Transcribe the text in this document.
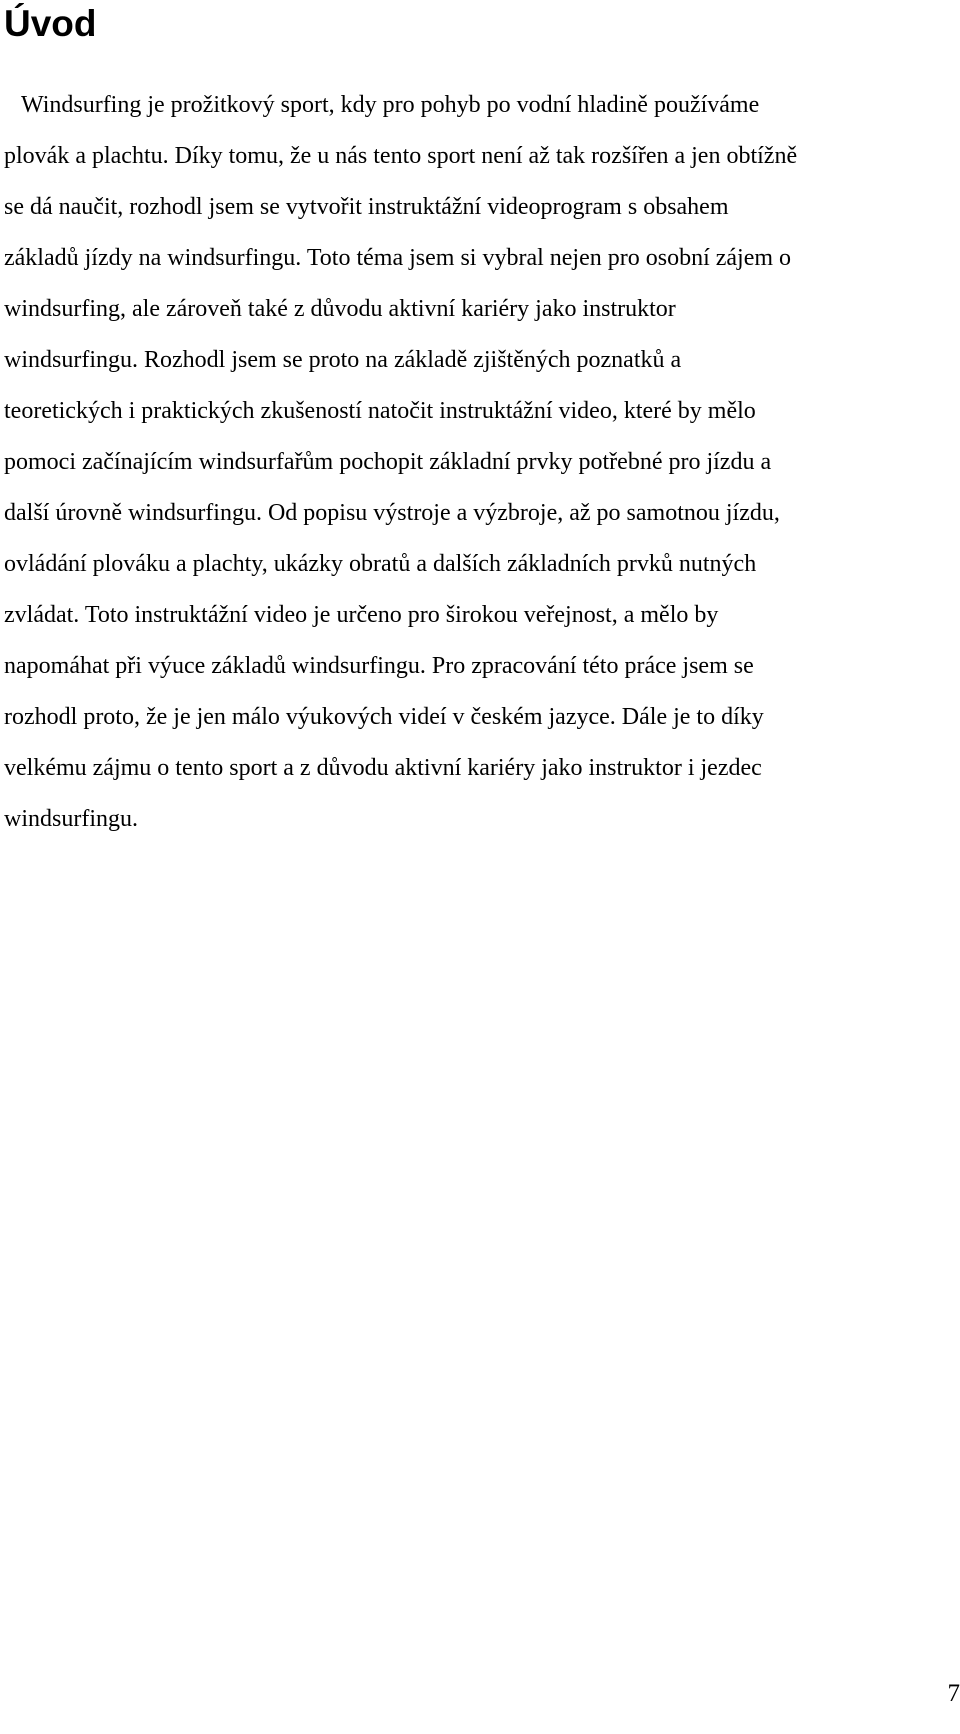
Úvod

Windsurfing je prožitkový sport, kdy pro pohyb po vodní hladině používáme
plovák a plachtu. Díky tomu, že u nás tento sport není až tak rozšířen a jen obtížně
se dá naučit, rozhodl jsem se vytvořit instruktážní videoprogram s obsahem
základů jízdy na windsurfingu. Toto téma jsem si vybral nejen pro osobní zájem o
windsurfing, ale zároveň také z důvodu aktivní kariéry jako instruktor
windsurfingu. Rozhodl jsem se proto na základě zjištěných poznatků a
teoretických i praktických zkušeností natočit instruktážní video, které by mělo
pomoci začínajícím windsurfařům pochopit základní prvky potřebné pro jízdu a
další úrovně windsurfingu. Od popisu výstroje a výzbroje, až po samotnou jízdu,
ovládání plováku a plachty, ukázky obratů a dalších základních prvků nutných
zvládat. Toto instruktážní video je určeno pro širokou veřejnost, a mělo by
napomáhat při výuce základů windsurfingu. Pro zpracování této práce jsem se
rozhodl proto, že je jen málo výukových videí v českém jazyce. Dále je to díky
velkému zájmu o tento sport a z důvodu aktivní kariéry jako instruktor i jezdec
windsurfingu.

7
